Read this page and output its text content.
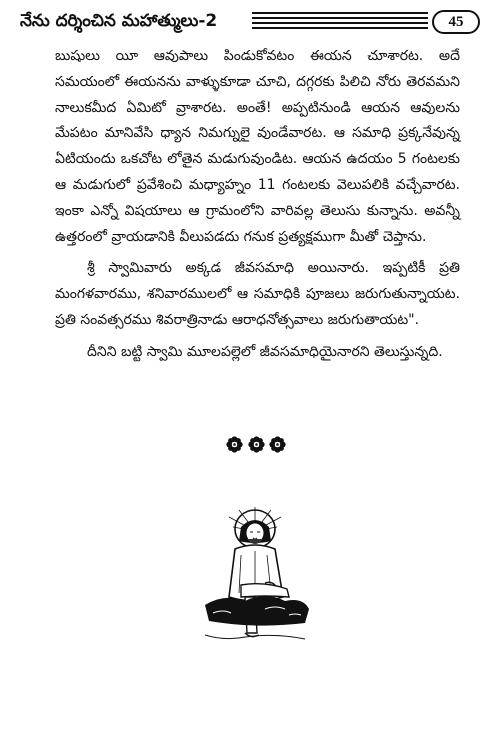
నేను దర్శించిన మహాత్ములు-2	45

బుషులు యీ ఆవుపాలు పిండుకోవటం ఈయన చూశారట. అదే సమయంలో ఈయనను వాళ్ళుకూడా చూచి, దగ్గరకు పిలిచి నోరు తెరవమని నాలుకమీద ఏమిటో వ్రాశారట. అంతే! అప్పటినుండి ఆయన ఆవులను మేపటం మానివేసి ధ్యాన నిమగ్నులై వుండేవారట. ఆ సమాధి ప్రక్కనేవున్న ఏటియందు ఒకచోట లోతైన మడుగువుండిట. ఆయన ఉదయం 5 గంటలకు ఆ మడుగులో ప్రవేశించి మధ్యాహ్నం 11 గంటలకు వెలుపలికి వచ్చేవారట. ఇంకా ఎన్నో విషయాలు ఆ గ్రామంలోని వారివల్ల తెలుసు కున్నాను. అవన్నీ ఉత్తరంలో వ్రాయడానికి వీలుపడదు గనుక ప్రత్యక్షముగా మీతో చెప్తాను.

శ్రీ స్వామివారు అక్కడ జీవసమాధి అయినారు. ఇప్పటికీ ప్రతి మంగళవారము, శనివారములలో ఆ సమాధికి పూజలు జరుగుతున్నాయట. ప్రతి సంవత్సరము శివరాత్రినాడు ఆరాధనోత్సవాలు జరుగుతాయట".

దీనిని బట్టి స్వామి మూలపల్లెలో జీవసమాధియైనారని తెలుస్తున్నది.
